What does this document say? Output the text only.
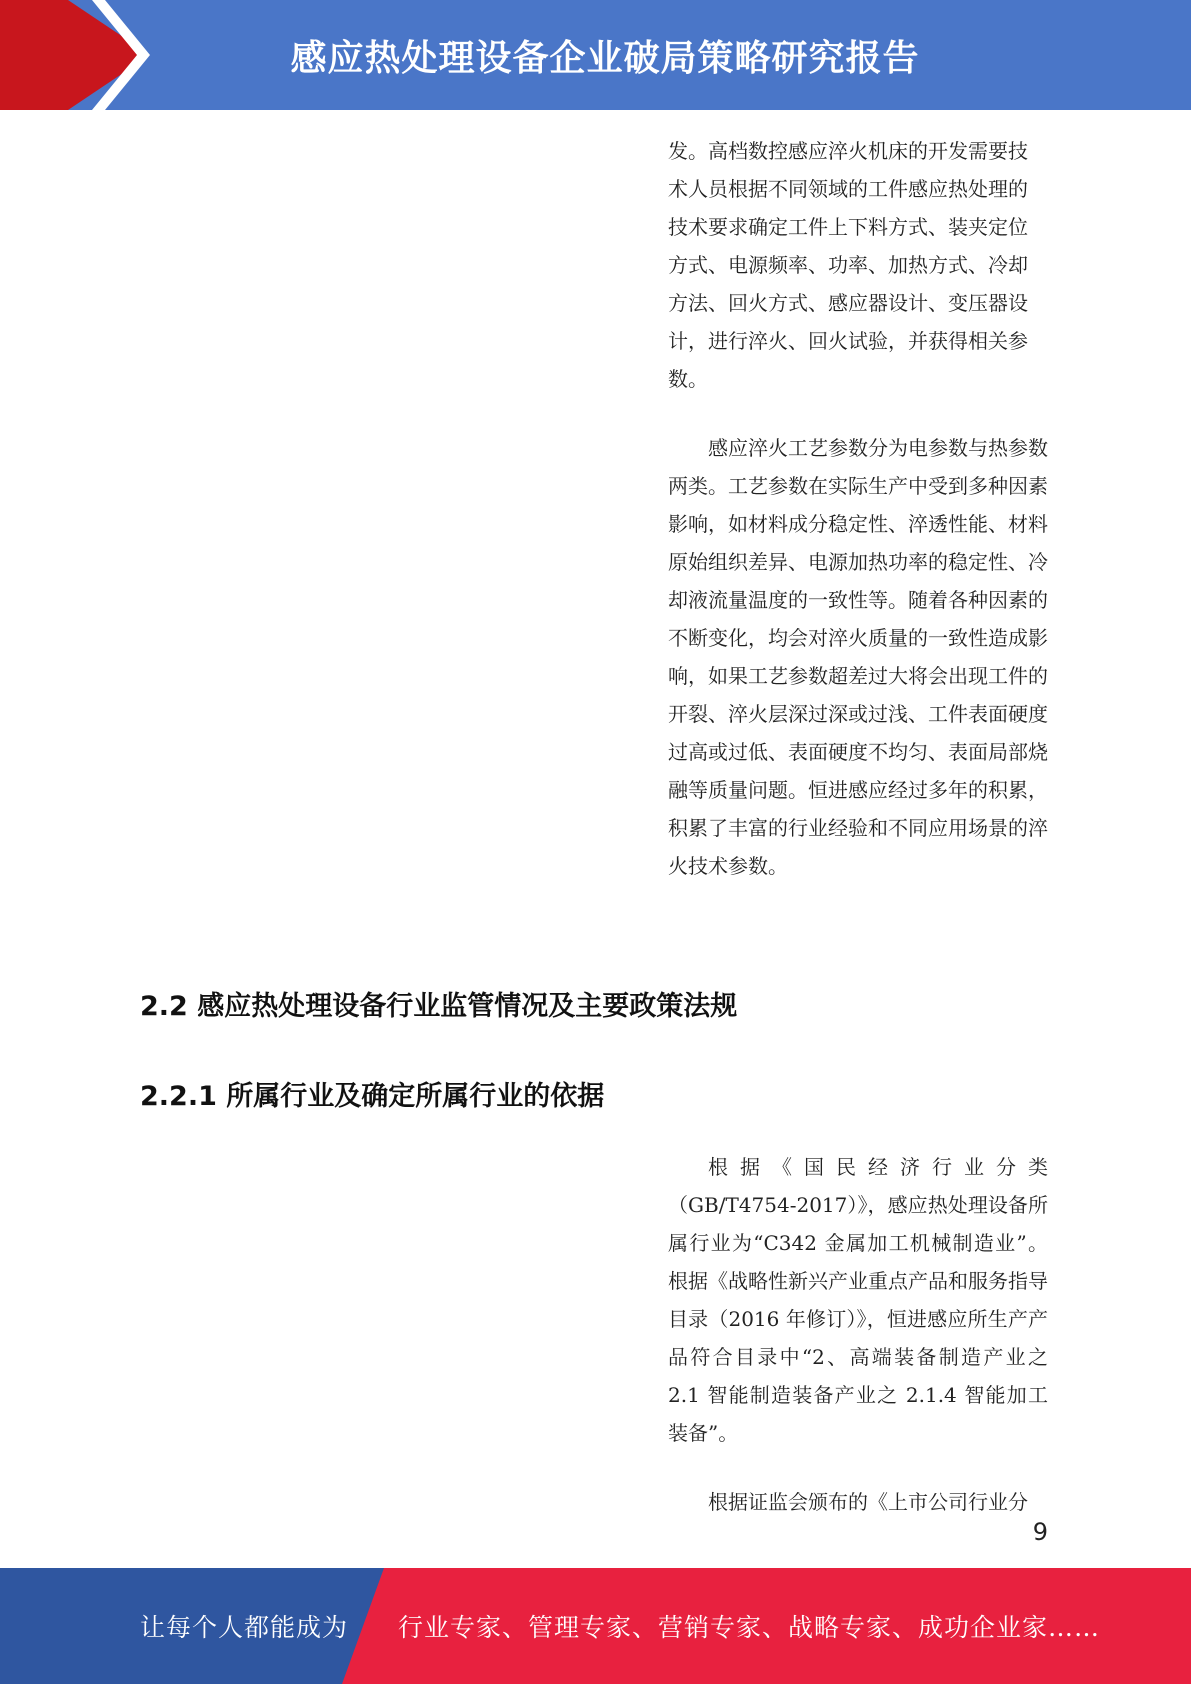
感应热处理设备企业破局策略研究报告

发。高档数控感应淬火机床的开发需要技

术人员根据不同领域的工件感应热处理的

技术要求确定工件上下料方式、装夹定位

方式、电源频率、功率、加热方式、冷却

方法、回火方式、感应器设计、变压器设

计，进行淬火、回火试验，并获得相关参

数。

感应淬火工艺参数分为电参数与热参数两类。工艺参数在实际生产中受到多种因素影响，如材料成分稳定性、淬透性能、材料原始组织差异、电源加热功率的稳定性、冷却液流量温度的一致性等。随着各种因素的不断变化，均会对淬火质量的一致性造成影响，如果工艺参数超差过大将会出现工件的开裂、淬火层深过深或过浅、工件表面硬度过高或过低、表面硬度不均匀、表面局部烧融等质量问题。恒进感应经过多年的积累，积累了丰富的行业经验和不同应用场景的淬火技术参数。

2.2 感应热处理设备行业监管情况及主要政策法规
2.2.1 所属行业及确定所属行业的依据

根据《国民经济行业分类（GB/T4754-2017）》，感应热处理设备所属行业为“C342 金属加工机械制造业”。根据《战略性新兴产业重点产品和服务指导目录（2016 年修订）》，恒进感应所生产产品符合目录中“2、高端装备制造产业之 2.1 智能制造装备产业之 2.1.4 智能加工装备”。

根据证监会颁布的《上市公司行业分

9
让每个人都能成为 行业专家、管理专家、营销专家、战略专家、成功企业家……
